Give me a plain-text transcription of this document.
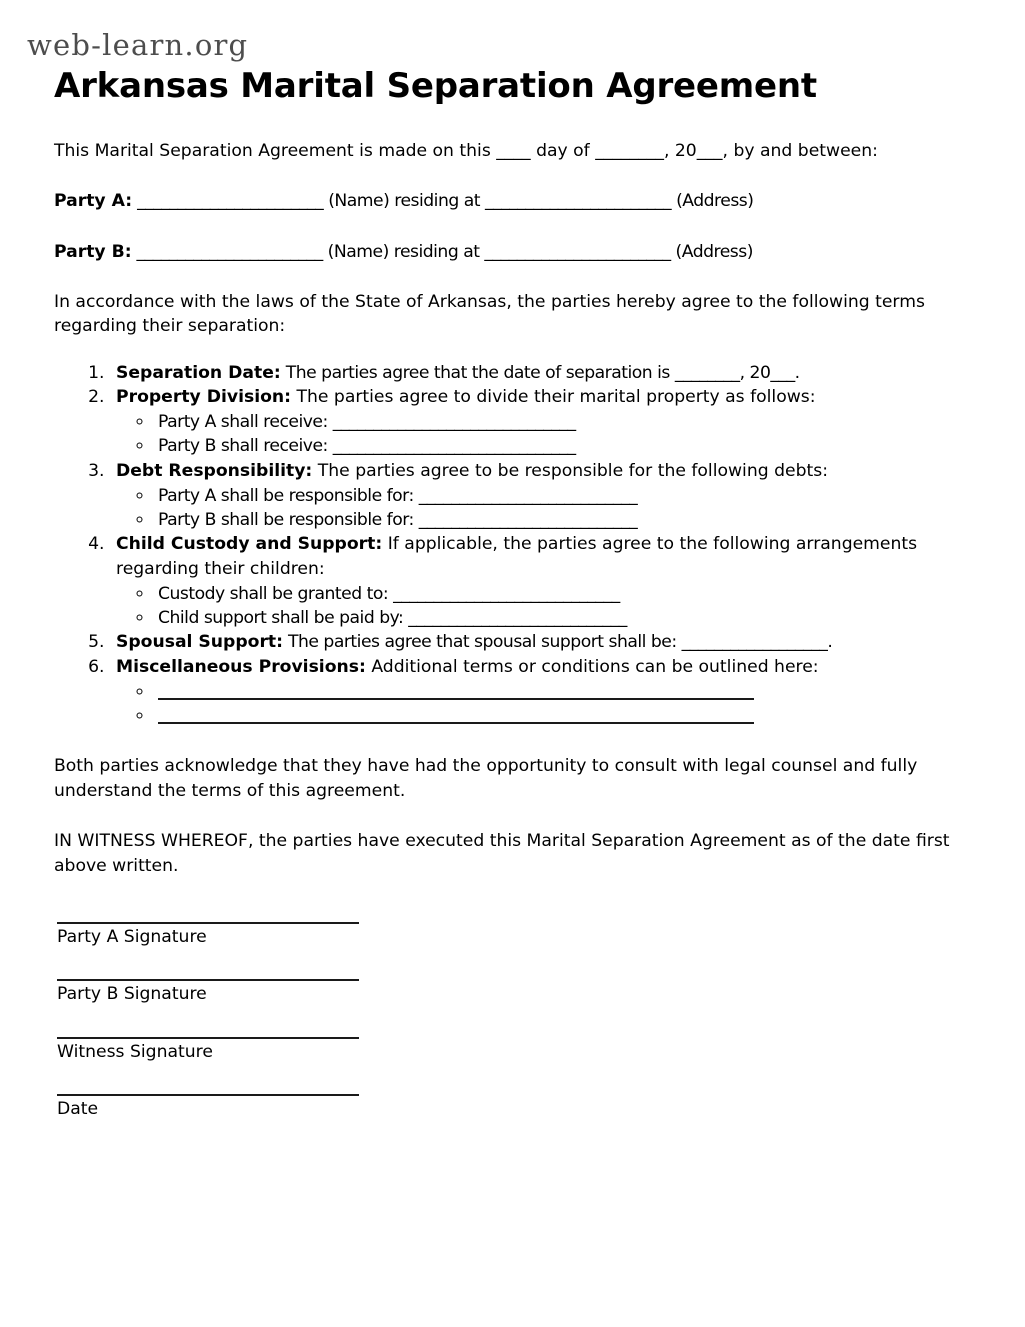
web-learn.org
Arkansas Marital Separation Agreement

This Marital Separation Agreement is made on this ____ day of ________, 20___, by and between:

Party A: _______________________ (Name) residing at _______________________ (Address)

Party B: _______________________ (Name) residing at _______________________ (Address)

In accordance with the laws of the State of Arkansas, the parties hereby agree to the following terms regarding their separation:

1. Separation Date: The parties agree that the date of separation is ________, 20___.
2. Property Division: The parties agree to divide their marital property as follows:
◦ Party A shall receive: ______________________________
◦ Party B shall receive: ______________________________
3. Debt Responsibility: The parties agree to be responsible for the following debts:
◦ Party A shall be responsible for: ___________________________
◦ Party B shall be responsible for: ___________________________
4. Child Custody and Support: If applicable, the parties agree to the following arrangements regarding their children:
◦ Custody shall be granted to: ____________________________
◦ Child support shall be paid by: ___________________________
5. Spousal Support: The parties agree that spousal support shall be: __________________.
6. Miscellaneous Provisions: Additional terms or conditions can be outlined here:
◦
◦

Both parties acknowledge that they have had the opportunity to consult with legal counsel and fully understand the terms of this agreement.

IN WITNESS WHEREOF, the parties have executed this Marital Separation Agreement as of the date first above written.

Party A Signature
Party B Signature
Witness Signature
Date
